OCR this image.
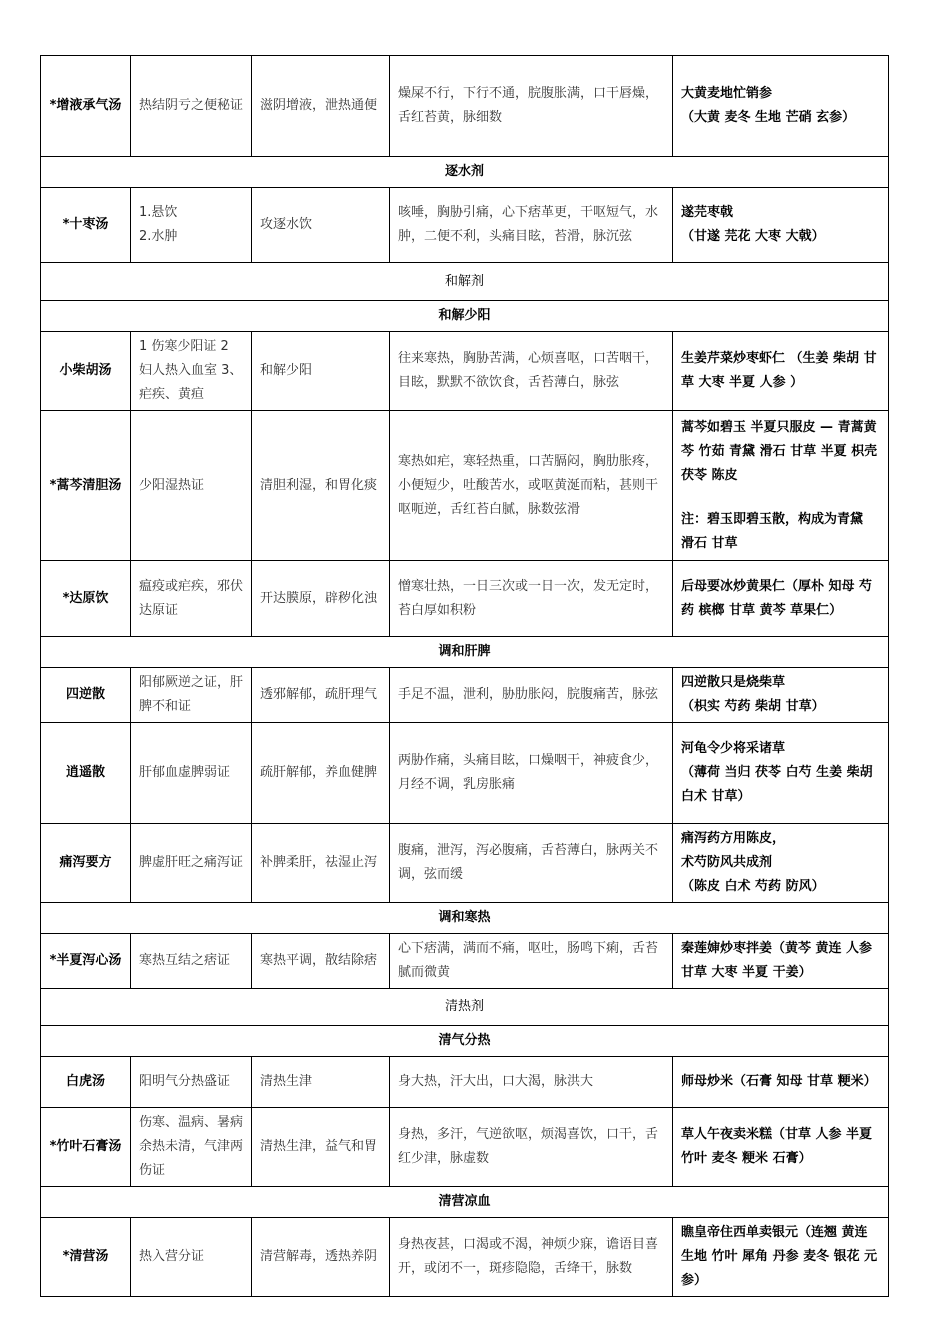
*增液承气汤	热结阴亏之便秘证	滋阴增液，泄热通便	燥屎不行，下行不通，脘腹胀满，口干唇燥，舌红苔黄，脉细数	大黄麦地忙销参
（大黄 麦冬 生地 芒硝 玄参）

逐水剂				
*十枣汤	1.悬饮
2.水肿	攻逐水饮	咳唾，胸胁引痛，心下痞革更，干呕短气，水肿，二便不利，头痛目眩，苔滑，脉沉弦	遂芫枣戟
（甘遂 芫花 大枣 大戟）

和解剂				
和解少阳				
小柴胡汤	1 伤寒少阳证 2 妇人热入血室 3、疟疾、黄疸	和解少阳	往来寒热，胸胁苦满，心烦喜呕，口苦咽干，目眩，默默不欲饮食，舌苔薄白，脉弦	生姜芹菜炒枣虾仁 （生姜 柴胡 甘草 大枣 半夏 人参 ）
*蒿芩清胆汤	少阳湿热证	清胆利湿，和胃化痰	寒热如疟，寒轻热重，口苦膈闷，胸肋胀疼，小便短少，吐酸苦水，或呕黄涎而粘，甚则干呕呃逆，舌红苔白腻，脉数弦滑	蒿芩如碧玉 半夏只服皮 — 青蒿黄芩 竹茹 青黛 滑石 甘草 半夏 枳壳 茯苓 陈皮
注：碧玉即碧玉散，构成为青黛 滑石 甘草

*达原饮	瘟疫或疟疾，邪伏达原证	开达膜原，辟秽化浊	憎寒壮热，一日三次或一日一次，发无定时，苔白厚如积粉	后母要冰炒黄果仁（厚朴 知母 芍药 槟榔 甘草 黄芩 草果仁）
调和肝脾				
四逆散	阳郁厥逆之证，肝脾不和证	透邪解郁，疏肝理气	手足不温，泄利，胁肋胀闷，脘腹痛苦，脉弦	四逆散只是烧柴草
（枳实 芍药 柴胡 甘草）

逍遥散	肝郁血虚脾弱证	疏肝解郁，养血健脾	两胁作痛，头痛目眩，口燥咽干，神疲食少，月经不调，乳房胀痛	河龟令少将采诸草
（薄荷 当归 茯苓 白芍 生姜 柴胡 白术 甘草）

痛泻要方	脾虚肝旺之痛泻证	补脾柔肝，祛湿止泻	腹痛，泄泻，泻必腹痛，舌苔薄白，脉两关不调，弦而缓	痛泻药方用陈皮，
术芍防风共成剂
（陈皮 白术 芍药 防风）

调和寒热				
*半夏泻心汤	寒热互结之痞证	寒热平调，散结除痞	心下痞满，满而不痛，呕吐，肠鸣下痢，舌苔腻而微黄	秦莲婶炒枣拌姜（黄芩 黄连 人参 甘草 大枣 半夏 干姜）
清热剂				
清气分热				
白虎汤	阳明气分热盛证	清热生津	身大热，汗大出，口大渴，脉洪大	师母炒米（石膏 知母 甘草 粳米）
*竹叶石膏汤	伤寒、温病、暑病余热未清，气津两伤证	清热生津，益气和胃	身热，多汗，气逆欲呕，烦渴喜饮，口干，舌红少津，脉虚数	草人午夜卖米糕（甘草 人参 半夏 竹叶 麦冬 粳米 石膏）
清营凉血				
*清营汤	热入营分证	清营解毒，透热养阴	身热夜甚，口渴或不渴，神烦少寐，谵语目喜开，或闭不一，斑疹隐隐，舌绛干，脉数	瞧皇帝住西单卖银元（连翘 黄连 生地 竹叶 犀角 丹参 麦冬 银花 元参）
